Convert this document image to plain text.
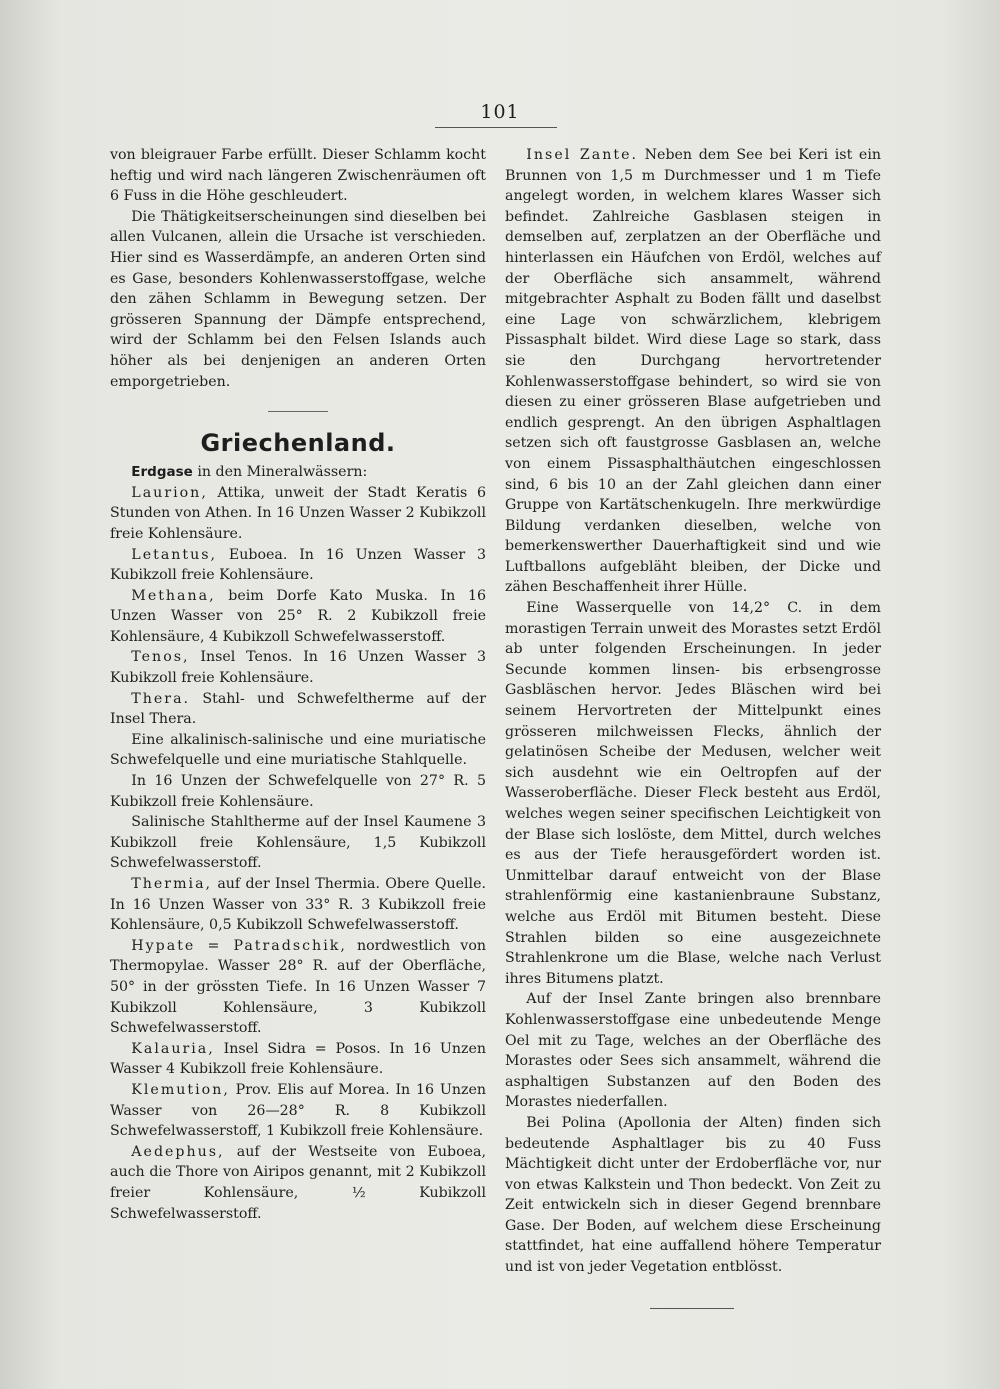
101

von bleigrauer Farbe erfüllt. Dieser Schlamm kocht heftig und wird nach längeren Zwischenräumen oft 6 Fuss in die Höhe geschleudert.

Die Thätigkeitserscheinungen sind dieselben bei allen Vulcanen, allein die Ursache ist verschieden. Hier sind es Wasserdämpfe, an anderen Orten sind es Gase, besonders Kohlenwasserstoffgase, welche den zähen Schlamm in Bewegung setzen. Der grösseren Spannung der Dämpfe entsprechend, wird der Schlamm bei den Felsen Islands auch höher als bei denjenigen an anderen Orten emporgetrieben.

Griechenland.

Erdgase in den Mineralwässern:

Laurion, Attika, unweit der Stadt Keratis 6 Stunden von Athen. In 16 Unzen Wasser 2 Kubikzoll freie Kohlensäure.

Letantus, Euboea. In 16 Unzen Wasser 3 Kubikzoll freie Kohlensäure.

Methana, beim Dorfe Kato Muska. In 16 Unzen Wasser von 25° R. 2 Kubikzoll freie Kohlensäure, 4 Kubikzoll Schwefelwasserstoff.

Tenos, Insel Tenos. In 16 Unzen Wasser 3 Kubikzoll freie Kohlensäure.

Thera. Stahl- und Schwefeltherme auf der Insel Thera.

Eine alkalinisch-salinische und eine muriatische Schwefelquelle und eine muriatische Stahlquelle.

In 16 Unzen der Schwefelquelle von 27° R. 5 Kubikzoll freie Kohlensäure.

Salinische Stahltherme auf der Insel Kaumene 3 Kubikzoll freie Kohlensäure, 1,5 Kubikzoll Schwefelwasserstoff.

Thermia, auf der Insel Thermia. Obere Quelle. In 16 Unzen Wasser von 33° R. 3 Kubikzoll freie Kohlensäure, 0,5 Kubikzoll Schwefelwasserstoff.

Hypate = Patradschik, nordwestlich von Thermopylae. Wasser 28° R. auf der Oberfläche, 50° in der grössten Tiefe. In 16 Unzen Wasser 7 Kubikzoll Kohlensäure, 3 Kubikzoll Schwefelwasserstoff.

Kalauria, Insel Sidra = Posos. In 16 Unzen Wasser 4 Kubikzoll freie Kohlensäure.

Klemution, Prov. Elis auf Morea. In 16 Unzen Wasser von 26—28° R. 8 Kubikzoll Schwefelwasserstoff, 1 Kubikzoll freie Kohlensäure.

Aedephus, auf der Westseite von Euboea, auch die Thore von Airipos genannt, mit 2 Kubikzoll freier Kohlensäure, ½ Kubikzoll Schwefelwasserstoff.

Insel Zante. Neben dem See bei Keri ist ein Brunnen von 1,5 m Durchmesser und 1 m Tiefe angelegt worden, in welchem klares Wasser sich befindet. Zahlreiche Gasblasen steigen in demselben auf, zerplatzen an der Oberfläche und hinterlassen ein Häufchen von Erdöl, welches auf der Oberfläche sich ansammelt, während mitgebrachter Asphalt zu Boden fällt und daselbst eine Lage von schwärzlichem, klebrigem Pissasphalt bildet. Wird diese Lage so stark, dass sie den Durchgang hervortretender Kohlenwasserstoffgase behindert, so wird sie von diesen zu einer grösseren Blase aufgetrieben und endlich gesprengt. An den übrigen Asphaltlagen setzen sich oft faustgrosse Gasblasen an, welche von einem Pissasphalthäutchen eingeschlossen sind, 6 bis 10 an der Zahl gleichen dann einer Gruppe von Kartätschenkugeln. Ihre merkwürdige Bildung verdanken dieselben, welche von bemerkenswerther Dauerhaftigkeit sind und wie Luftballons aufgebläht bleiben, der Dicke und zähen Beschaffenheit ihrer Hülle.

Eine Wasserquelle von 14,2° C. in dem morastigen Terrain unweit des Morastes setzt Erdöl ab unter folgenden Erscheinungen. In jeder Secunde kommen linsen- bis erbsengrosse Gasbläschen hervor. Jedes Bläschen wird bei seinem Hervortreten der Mittelpunkt eines grösseren milchweissen Flecks, ähnlich der gelatinösen Scheibe der Medusen, welcher weit sich ausdehnt wie ein Oeltropfen auf der Wasseroberfläche. Dieser Fleck besteht aus Erdöl, welches wegen seiner specifischen Leichtigkeit von der Blase sich loslöste, dem Mittel, durch welches es aus der Tiefe herausgefördert worden ist. Unmittelbar darauf entweicht von der Blase strahlenförmig eine kastanienbraune Substanz, welche aus Erdöl mit Bitumen besteht. Diese Strahlen bilden so eine ausgezeichnete Strahlenkrone um die Blase, welche nach Verlust ihres Bitumens platzt.

Auf der Insel Zante bringen also brennbare Kohlenwasserstoffgase eine unbedeutende Menge Oel mit zu Tage, welches an der Oberfläche des Morastes oder Sees sich ansammelt, während die asphaltigen Substanzen auf den Boden des Morastes niederfallen.

Bei Polina (Apollonia der Alten) finden sich bedeutende Asphaltlager bis zu 40 Fuss Mächtigkeit dicht unter der Erdoberfläche vor, nur von etwas Kalkstein und Thon bedeckt. Von Zeit zu Zeit entwickeln sich in dieser Gegend brennbare Gase. Der Boden, auf welchem diese Erscheinung stattfindet, hat eine auffallend höhere Temperatur und ist von jeder Vegetation entblösst.
